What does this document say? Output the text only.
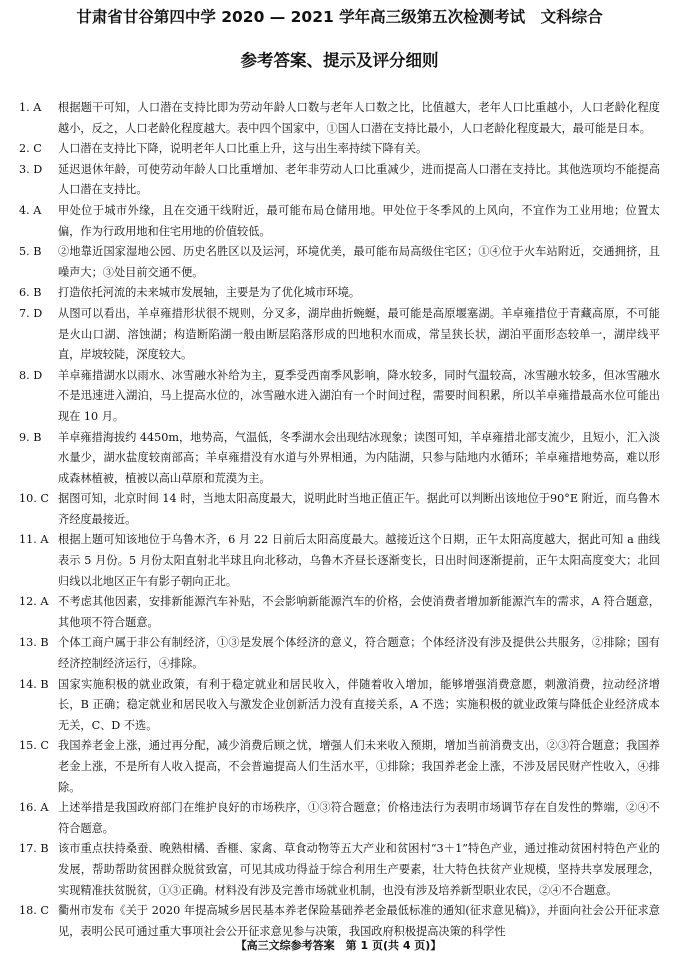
甘肃省甘谷第四中学 2020 — 2021 学年高三级第五次检测考试　文科综合
参考答案、提示及评分细则
1. A	根据题干可知，人口潜在支持比即为劳动年龄人口数与老年人口数之比，比值越大，老年人口比重越小，人口老龄化程度越小，反之，人口老龄化程度越大。表中四个国家中，①国人口潜在支持比最小，人口老龄化程度最大，最可能是日本。
2. C	人口潜在支持比下降，说明老年人口比重上升，这与出生率持续下降有关。
3. D	延迟退休年龄，可使劳动年龄人口比重增加、老年非劳动人口比重减少，进而提高人口潜在支持比。其他选项均不能提高人口潜在支持比。
4. A	甲处位于城市外缘，且在交通干线附近，最可能布局仓储用地。甲处位于冬季风的上风向，不宜作为工业用地；位置太偏，作为行政用地和住宅用地的价值较低。
5. B	②地靠近国家湿地公园、历史名胜区以及运河，环境优美，最可能布局高级住宅区；①④位于火车站附近，交通拥挤，且噪声大；③处目前交通不便。
6. B	打造依托河流的未来城市发展轴，主要是为了优化城市环境。
7. D	从图可以看出，羊卓雍措形状很不规则，分叉多，湖岸曲折蜿蜒，最可能是高原堰塞湖。羊卓雍措位于青藏高原，不可能是火山口湖、溶蚀湖；构造断陷湖一般由断层陷落形成的凹地积水而成，常呈狭长状，湖泊平面形态较单一，湖岸线平直，岸坡较陡，深度较大。
8. D	羊卓雍措湖水以雨水、冰雪融水补给为主，夏季受西南季风影响，降水较多，同时气温较高，冰雪融水较多，但冰雪融水不是迅速进入湖泊，马上提高水位的，冰雪融水进入湖泊有一个时间过程，需要时间积累，所以羊卓雍措最高水位可能出现在 10 月。
9. B	羊卓雍措海拔约 4450m，地势高，气温低，冬季湖水会出现结冰现象；读图可知，羊卓雍措北部支流少，且短小，汇入淡水量少，湖水盐度较南部高；羊卓雍措没有水道与外界相通，为内陆湖，只参与陆地内水循环；羊卓雍措地势高，难以形成森林植被，植被以高山草原和荒漠为主。
10. C 据图可知，北京时间 14 时，当地太阳高度最大，说明此时当地正值正午。据此可以判断出该地位于90°E 附近，而乌鲁木齐经度最接近。
11. A 根据上题可知该地位于乌鲁木齐，6 月 22 日前后太阳高度最大。越接近这个日期，正午太阳高度越大，据此可知 a 曲线表示 5 月份。5 月份太阳直射北半球且向北移动，乌鲁木齐昼长逐渐变长，日出时间逐渐提前，正午太阳高度变大；北回归线以北地区正午有影子朝向正北。
12. A 不考虑其他因素，安排新能源汽车补贴，不会影响新能源汽车的价格，会使消费者增加新能源汽车的需求，A 符合题意，其他项不符合题意。
13. B 个体工商户属于非公有制经济，①③是发展个体经济的意义，符合题意；个体经济没有涉及提供公共服务，②排除；国有经济控制经济运行，④排除。
14. B 国家实施积极的就业政策，有利于稳定就业和居民收入，伴随着收入增加，能够增强消费意愿，刺激消费，拉动经济增长，B 正确；稳定就业和居民收入与激发企业创新活力没有直接关系，A 不选；实施积极的就业政策与降低企业经济成本无关，C、D 不选。
15. C 我国养老金上涨，通过再分配，减少消费后顾之忧，增强人们未来收入预期，增加当前消费支出，②③符合题意；我国养老金上涨，不是所有人收入提高，不会普遍提高人们生活水平，①排除；我国养老金上涨，不涉及居民财产性收入，④排除。
16. A 上述举措是我国政府部门在维护良好的市场秩序，①③符合题意；价格违法行为表明市场调节存在自发性的弊端，②④不符合题意。
17. B 该市重点扶持桑蚕、晚熟柑橘、香榧、家禽、草食动物等五大产业和贫困村“3＋1”特色产业，通过推动贫困村特色产业的发展，帮助帮助贫困群众脱贫致富，可见其成功得益于综合利用生产要素，壮大特色扶贫产业规模，坚持共享发展理念，实现精准扶贫脱贫，①③正确。材料没有涉及完善市场就业机制，也没有涉及培养新型职业农民，②④不合题意。
18. C 衢州市发布《关于 2020 年提高城乡居民基本养老保险基础养老金最低标准的通知(征求意见稿)》，并面向社会公开征求意见，表明公民可通过重大事项社会公开征求意见参与决策，我国政府积极提高决策的科学性
【高三文综参考答案　第 1 页(共 4 页)】
